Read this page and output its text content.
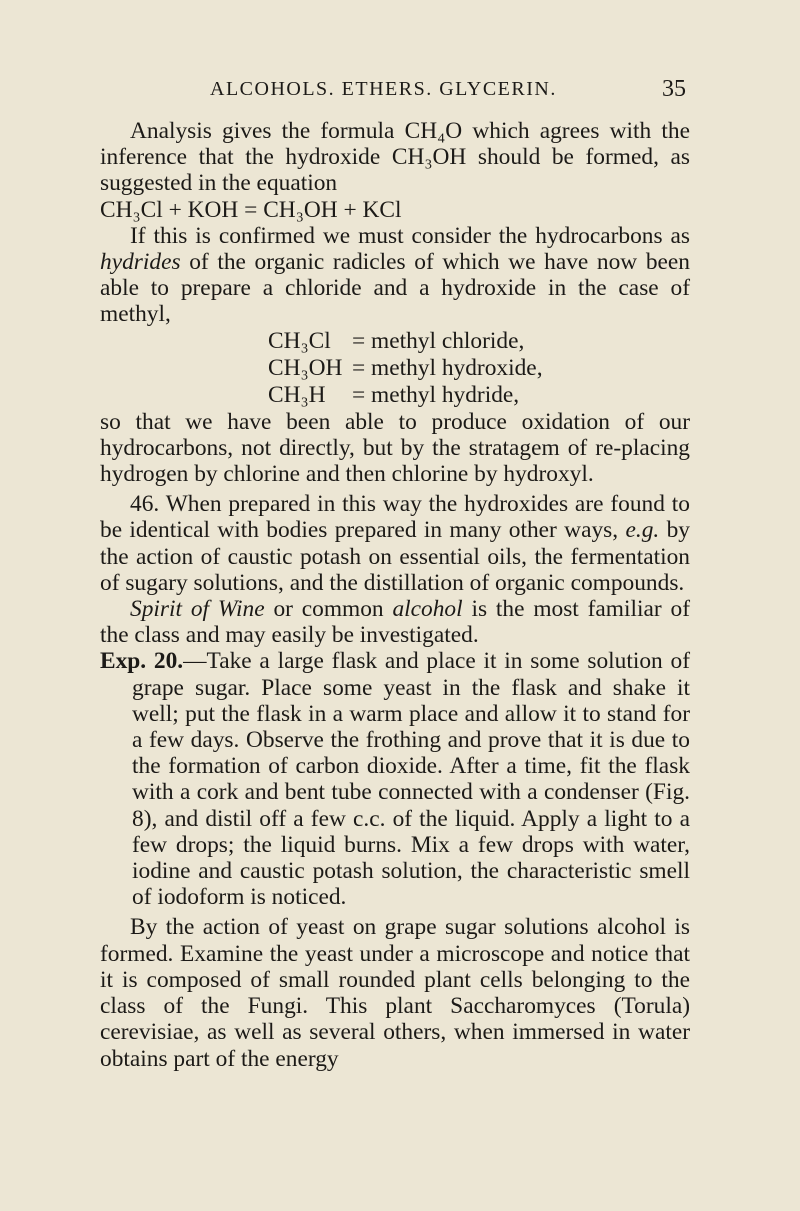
ALCOHOLS. ETHERS. GLYCERIN.	35

Analysis gives the formula CH₄O which agrees with the inference that the hydroxide CH₃OH should be formed, as suggested in the equation

CH₃Cl + KOH = CH₃OH + KCl

If this is confirmed we must consider the hydrocarbons as hydrides of the organic radicles of which we have now been able to prepare a chloride and a hydroxide in the case of methyl,

CH₃Cl = methyl chloride,
CH₃OH = methyl hydroxide,
CH₃H	= methyl hydride,

so that we have been able to produce oxidation of our hydrocarbons, not directly, but by the stratagem of re-placing hydrogen by chlorine and then chlorine by hydroxyl.

46. When prepared in this way the hydroxides are found to be identical with bodies prepared in many other ways, e.g. by the action of caustic potash on essential oils, the fermentation of sugary solutions, and the distillation of organic compounds.

Spirit of Wine or common alcohol is the most familiar of the class and may easily be investigated.

Exp. 20.—Take a large flask and place it in some solution of grape sugar. Place some yeast in the flask and shake it well; put the flask in a warm place and allow it to stand for a few days. Observe the frothing and prove that it is due to the formation of carbon dioxide. After a time, fit the flask with a cork and bent tube connected with a condenser (Fig. 8), and distil off a few c.c. of the liquid. Apply a light to a few drops; the liquid burns. Mix a few drops with water, iodine and caustic potash solution, the characteristic smell of iodoform is noticed.

By the action of yeast on grape sugar solutions alcohol is formed. Examine the yeast under a microscope and notice that it is composed of small rounded plant cells belonging to the class of the Fungi. This plant Saccharomyces (Torula) cerevisiae, as well as several others, when immersed in water obtains part of the energy
